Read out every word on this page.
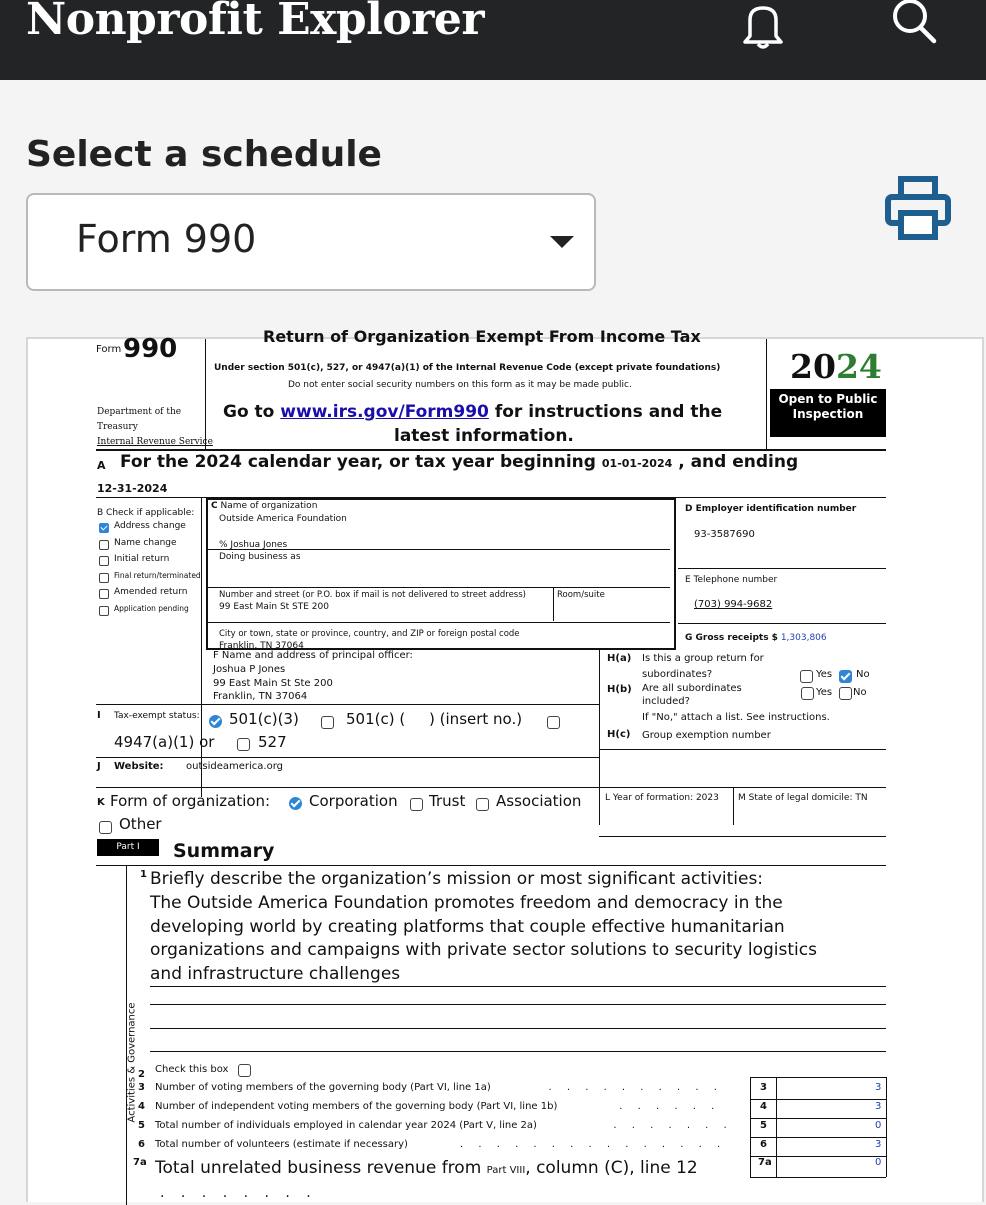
Nonprofit Explorer
Select a schedule
Form 990
Form 990
Department of the
Treasury
Internal Revenue Service
Return of Organization Exempt From Income Tax
Under section 501(c), 527, or 4947(a)(1) of the Internal Revenue Code (except private foundations)
Do not enter social security numbers on this form as it may be made public.
Go to www.irs.gov/Form990 for instructions and the
latest information.
2024
Open to Public Inspection
A For the 2024 calendar year, or tax year beginning 01-01-2024 , and ending
12-31-2024
B Check if applicable:
Address change
Name change
Initial return
Final return/terminated
Amended return
Application pending
C Name of organization
Outside America Foundation
% Joshua Jones
Doing business as
Number and street (or P.O. box if mail is not delivered to street address)	Room/suite
99 East Main St STE 200
City or town, state or province, country, and ZIP or foreign postal code
Franklin, TN 37064
D Employer identification number
93-3587690
E Telephone number
(703) 994-9682
G Gross receipts $ 1,303,806
F Name and address of principal officer:
Joshua P Jones
99 East Main St Ste 200
Franklin, TN 37064
H(a) Is this a group return for
subordinates?	Yes No
H(b) Are all subordinates
included?
Yes No
If "No," attach a list. See instructions.
H(c) Group exemption number
I Tax-exempt status: 501(c)(3)	501(c) (     ) (insert no.)
4947(a)(1) or	527
J Website: outsideamerica.org
K Form of organization:	Corporation Trust Association
Other
L Year of formation: 2023 M State of legal domicile: TN
Part I	Summary
Activities & Governance
1 Briefly describe the organization’s mission or most significant activities:
The Outside America Foundation promotes freedom and democracy in the
developing world by creating platforms that couple effective humanitarian
organizations and campaigns with private sector solutions to security logistics
and infrastructure challenges
2 Check this box
3 Number of voting members of the governing body (Part VI, line 1a)	. . . . . . . . . .	3	3
4 Number of independent voting members of the governing body (Part VI, line 1b)	. . . . . .	4	3
5 Total number of individuals employed in calendar year 2024 (Part V, line 2a)	. . . . . . .	5	0
6 Total number of volunteers (estimate if necessary)	. . . . . . . . . . . . . . .	6	3
7a Total unrelated business revenue from Part VIII, column (C), line 12	7a	0
. . . . . . . .
